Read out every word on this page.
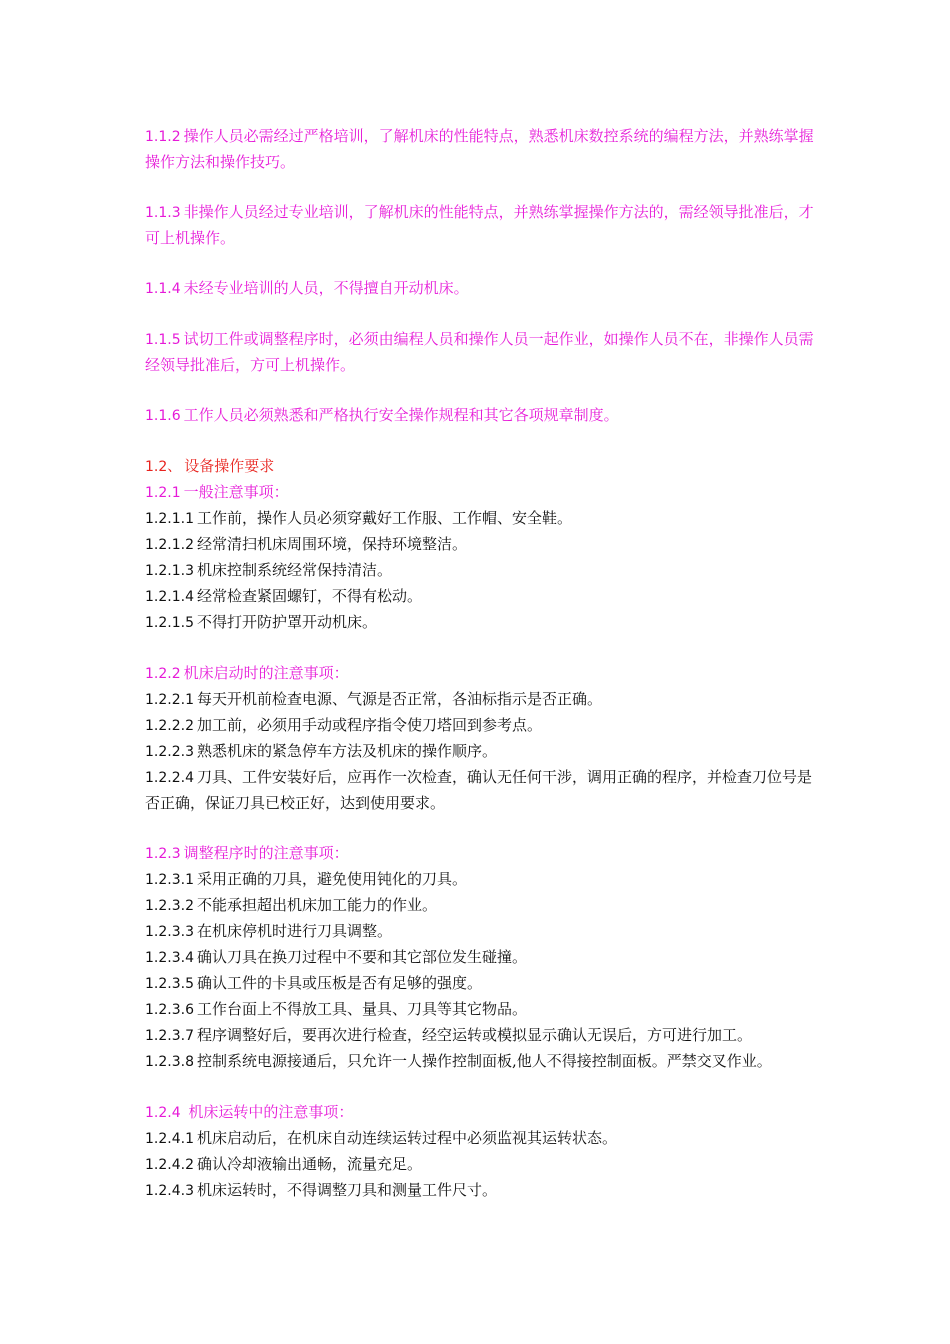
1.1.2 操作人员必需经过严格培训，了解机床的性能特点，熟悉机床数控系统的编程方法，并熟练掌握操作方法和操作技巧。

1.1.3 非操作人员经过专业培训，了解机床的性能特点，并熟练掌握操作方法的，需经领导批准后，才可上机操作。

1.1.4 未经专业培训的人员，不得擅自开动机床。

1.1.5 试切工件或调整程序时，必须由编程人员和操作人员一起作业，如操作人员不在，非操作人员需经领导批准后，方可上机操作。

1.1.6 工作人员必须熟悉和严格执行安全操作规程和其它各项规章制度。

1.2、 设备操作要求

1.2.1 一般注意事项：

1.2.1.1 工作前，操作人员必须穿戴好工作服、工作帽、安全鞋。

1.2.1.2 经常清扫机床周围环境，保持环境整洁。

1.2.1.3 机床控制系统经常保持清洁。

1.2.1.4 经常检查紧固螺钉，不得有松动。

1.2.1.5 不得打开防护罩开动机床。

1.2.2 机床启动时的注意事项：

1.2.2.1 每天开机前检查电源、气源是否正常，各油标指示是否正确。

1.2.2.2 加工前，必须用手动或程序指令使刀塔回到参考点。

1.2.2.3 熟悉机床的紧急停车方法及机床的操作顺序。

1.2.2.4 刀具、工件安装好后，应再作一次检查，确认无任何干涉，调用正确的程序，并检查刀位号是否正确，保证刀具已校正好，达到使用要求。

1.2.3 调整程序时的注意事项：

1.2.3.1 采用正确的刀具，避免使用钝化的刀具。

1.2.3.2 不能承担超出机床加工能力的作业。

1.2.3.3 在机床停机时进行刀具调整。

1.2.3.4 确认刀具在换刀过程中不要和其它部位发生碰撞。

1.2.3.5 确认工件的卡具或压板是否有足够的强度。

1.2.3.6 工作台面上不得放工具、量具、刀具等其它物品。

1.2.3.7 程序调整好后，要再次进行检查，经空运转或模拟显示确认无误后，方可进行加工。

1.2.3.8 控制系统电源接通后，只允许一人操作控制面板,他人不得接控制面板。严禁交叉作业。

1.2.4 机床运转中的注意事项：

1.2.4.1 机床启动后，在机床自动连续运转过程中必须监视其运转状态。

1.2.4.2 确认冷却液输出通畅，流量充足。

1.2.4.3 机床运转时，不得调整刀具和测量工件尺寸。
